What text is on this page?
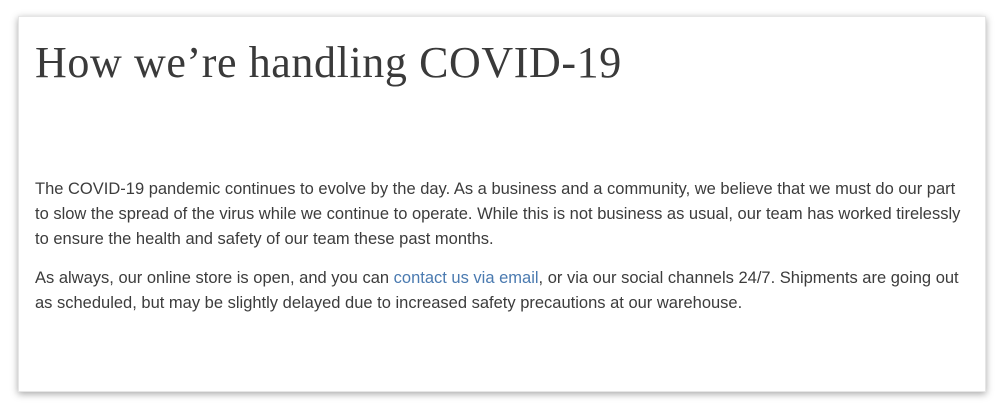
How we’re handling COVID-19

The COVID-19 pandemic continues to evolve by the day. As a business and a community, we believe that we must do our part to slow the spread of the virus while we continue to operate. While this is not business as usual, our team has worked tirelessly to ensure the health and safety of our team these past months.

As always, our online store is open, and you can contact us via email, or via our social channels 24/7. Shipments are going out as scheduled, but may be slightly delayed due to increased safety precautions at our warehouse.
